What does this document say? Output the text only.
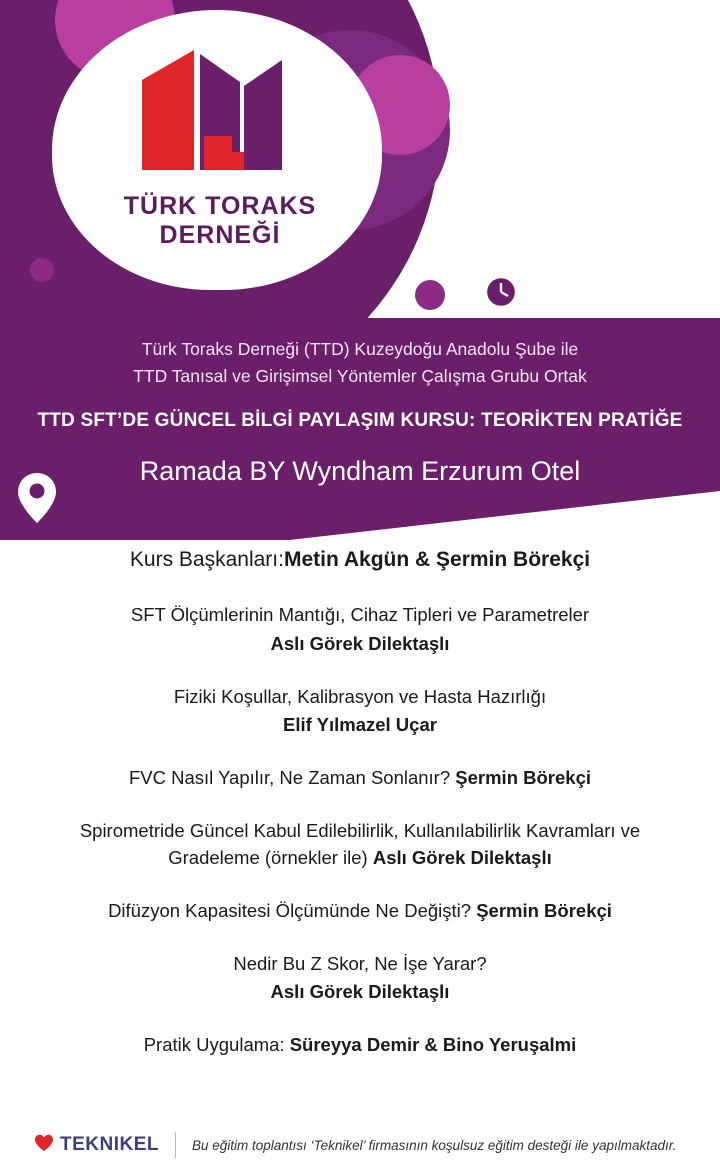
TÜRK TORAKS DERNEĞİ
6 Ocak 2024
10.00-14.00
Türk Toraks Derneği (TTD) Kuzeydoğu Anadolu Şube ile
TTD Tanısal ve Girişimsel Yöntemler Çalışma Grubu Ortak
TTD SFT’DE GÜNCEL BİLGİ PAYLAŞIM KURSU: TEORİKTEN PRATİĞE
Ramada BY Wyndham Erzurum Otel
Kurs Başkanları:Metin Akgün & Şermin Börekçi
SFT Ölçümlerinin Mantığı, Cihaz Tipleri ve Parametreler
Aslı Görek Dilektaşlı
Fiziki Koşullar, Kalibrasyon ve Hasta Hazırlığı
Elif Yılmazel Uçar
FVC Nasıl Yapılır, Ne Zaman Sonlanır? Şermin Börekçi
Spirometride Güncel Kabul Edilebilirlik, Kullanılabilirlik Kavramları ve Gradeleme (örnekler ile) Aslı Görek Dilektaşlı
Difüzyon Kapasitesi Ölçümünde Ne Değişti? Şermin Börekçi
Nedir Bu Z Skor, Ne İşe Yarar?
Aslı Görek Dilektaşlı
Pratik Uygulama: Süreyya Demir & Bino Yeruşalmi
TEKNIKEL Bu eğitim toplantısı ‘Teknikel’ firmasının koşulsuz eğitim desteği ile yapılmaktadır.
